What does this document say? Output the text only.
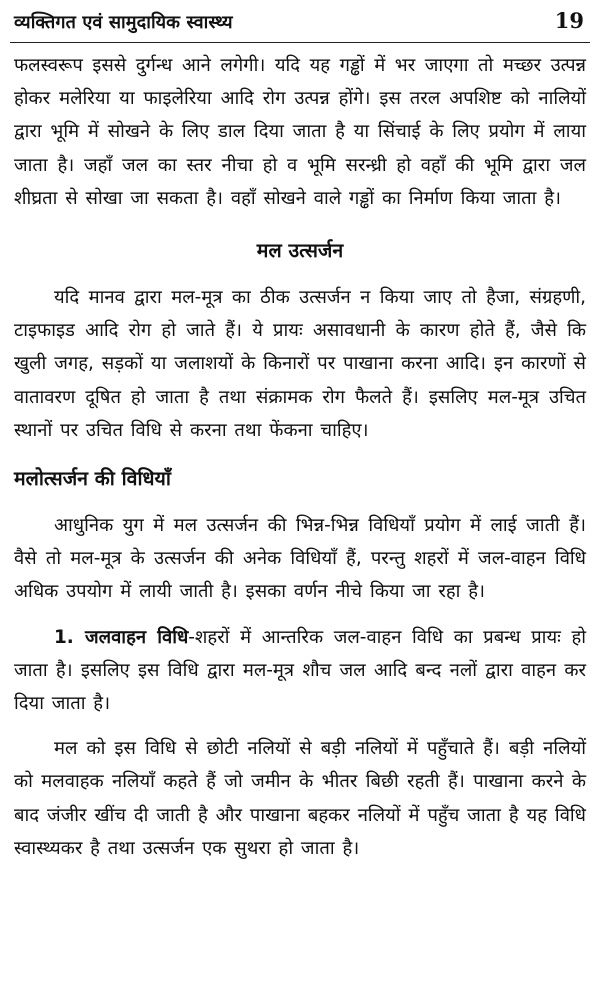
व्यक्तिगत एवं सामुदायिक स्वास्थ्य	19

फलस्वरूप इससे दुर्गन्ध आने लगेगी। यदि यह गड्ढों में भर जाएगा तो मच्छर उत्पन्न होकर मलेरिया या फाइलेरिया आदि रोग उत्पन्न होंगे। इस तरल अपशिष्ट को नालियों द्वारा भूमि में सोखने के लिए डाल दिया जाता है या सिंचाई के लिए प्रयोग में लाया जाता है। जहाँ जल का स्तर नीचा हो व भूमि सरन्ध्री हो वहाँ की भूमि द्वारा जल शीघ्रता से सोखा जा सकता है। वहाँ सोखने वाले गड्ढों का निर्माण किया जाता है।

मल उत्सर्जन

यदि मानव द्वारा मल-मूत्र का ठीक उत्सर्जन न किया जाए तो हैजा, संग्रहणी, टाइफाइड आदि रोग हो जाते हैं। ये प्रायः असावधानी के कारण होते हैं, जैसे कि खुली जगह, सड़कों या जलाशयों के किनारों पर पाखाना करना आदि। इन कारणों से वातावरण दूषित हो जाता है तथा संक्रामक रोग फैलते हैं। इसलिए मल-मूत्र उचित स्थानों पर उचित विधि से करना तथा फेंकना चाहिए।

मलोत्सर्जन की विधियाँ

आधुनिक युग में मल उत्सर्जन की भिन्न-भिन्न विधियाँ प्रयोग में लाई जाती हैं। वैसे तो मल-मूत्र के उत्सर्जन की अनेक विधियाँ हैं, परन्तु शहरों में जल-वाहन विधि अधिक उपयोग में लायी जाती है। इसका वर्णन नीचे किया जा रहा है।

1. जलवाहन विधि-शहरों में आन्तरिक जल-वाहन विधि का प्रबन्ध प्रायः हो जाता है। इसलिए इस विधि द्वारा मल-मूत्र शौच जल आदि बन्द नलों द्वारा वाहन कर दिया जाता है।

मल को इस विधि से छोटी नलियों से बड़ी नलियों में पहुँचाते हैं। बड़ी नलियों को मलवाहक नलियाँ कहते हैं जो जमीन के भीतर बिछी रहती हैं। पाखाना करने के बाद जंजीर खींच दी जाती है और पाखाना बहकर नलियों में पहुँच जाता है यह विधि स्वास्थ्यकर है तथा उत्सर्जन एक सुथरा हो जाता है।
